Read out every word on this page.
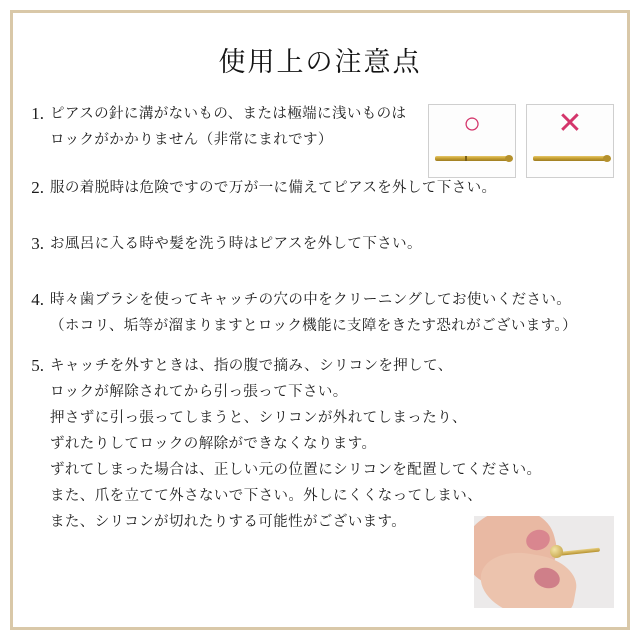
使用上の注意点
○	✕
1. ピアスの針に溝がないもの、または極端に浅いものは
ロックがかかりません（非常にまれです）
2. 服の着脱時は危険ですので万が一に備えてピアスを外して下さい。
3. お風呂に入る時や髪を洗う時はピアスを外して下さい。
4. 時々歯ブラシを使ってキャッチの穴の中をクリーニングしてお使いください。
（ホコリ、垢等が溜まりますとロック機能に支障をきたす恐れがございます。）
5. キャッチを外すときは、指の腹で摘み、シリコンを押して、
ロックが解除されてから引っ張って下さい。
押さずに引っ張ってしまうと、シリコンが外れてしまったり、
ずれたりしてロックの解除ができなくなります。
ずれてしまった場合は、正しい元の位置にシリコンを配置してください。
また、爪を立てて外さないで下さい。外しにくくなってしまい、
また、シリコンが切れたりする可能性がございます。
